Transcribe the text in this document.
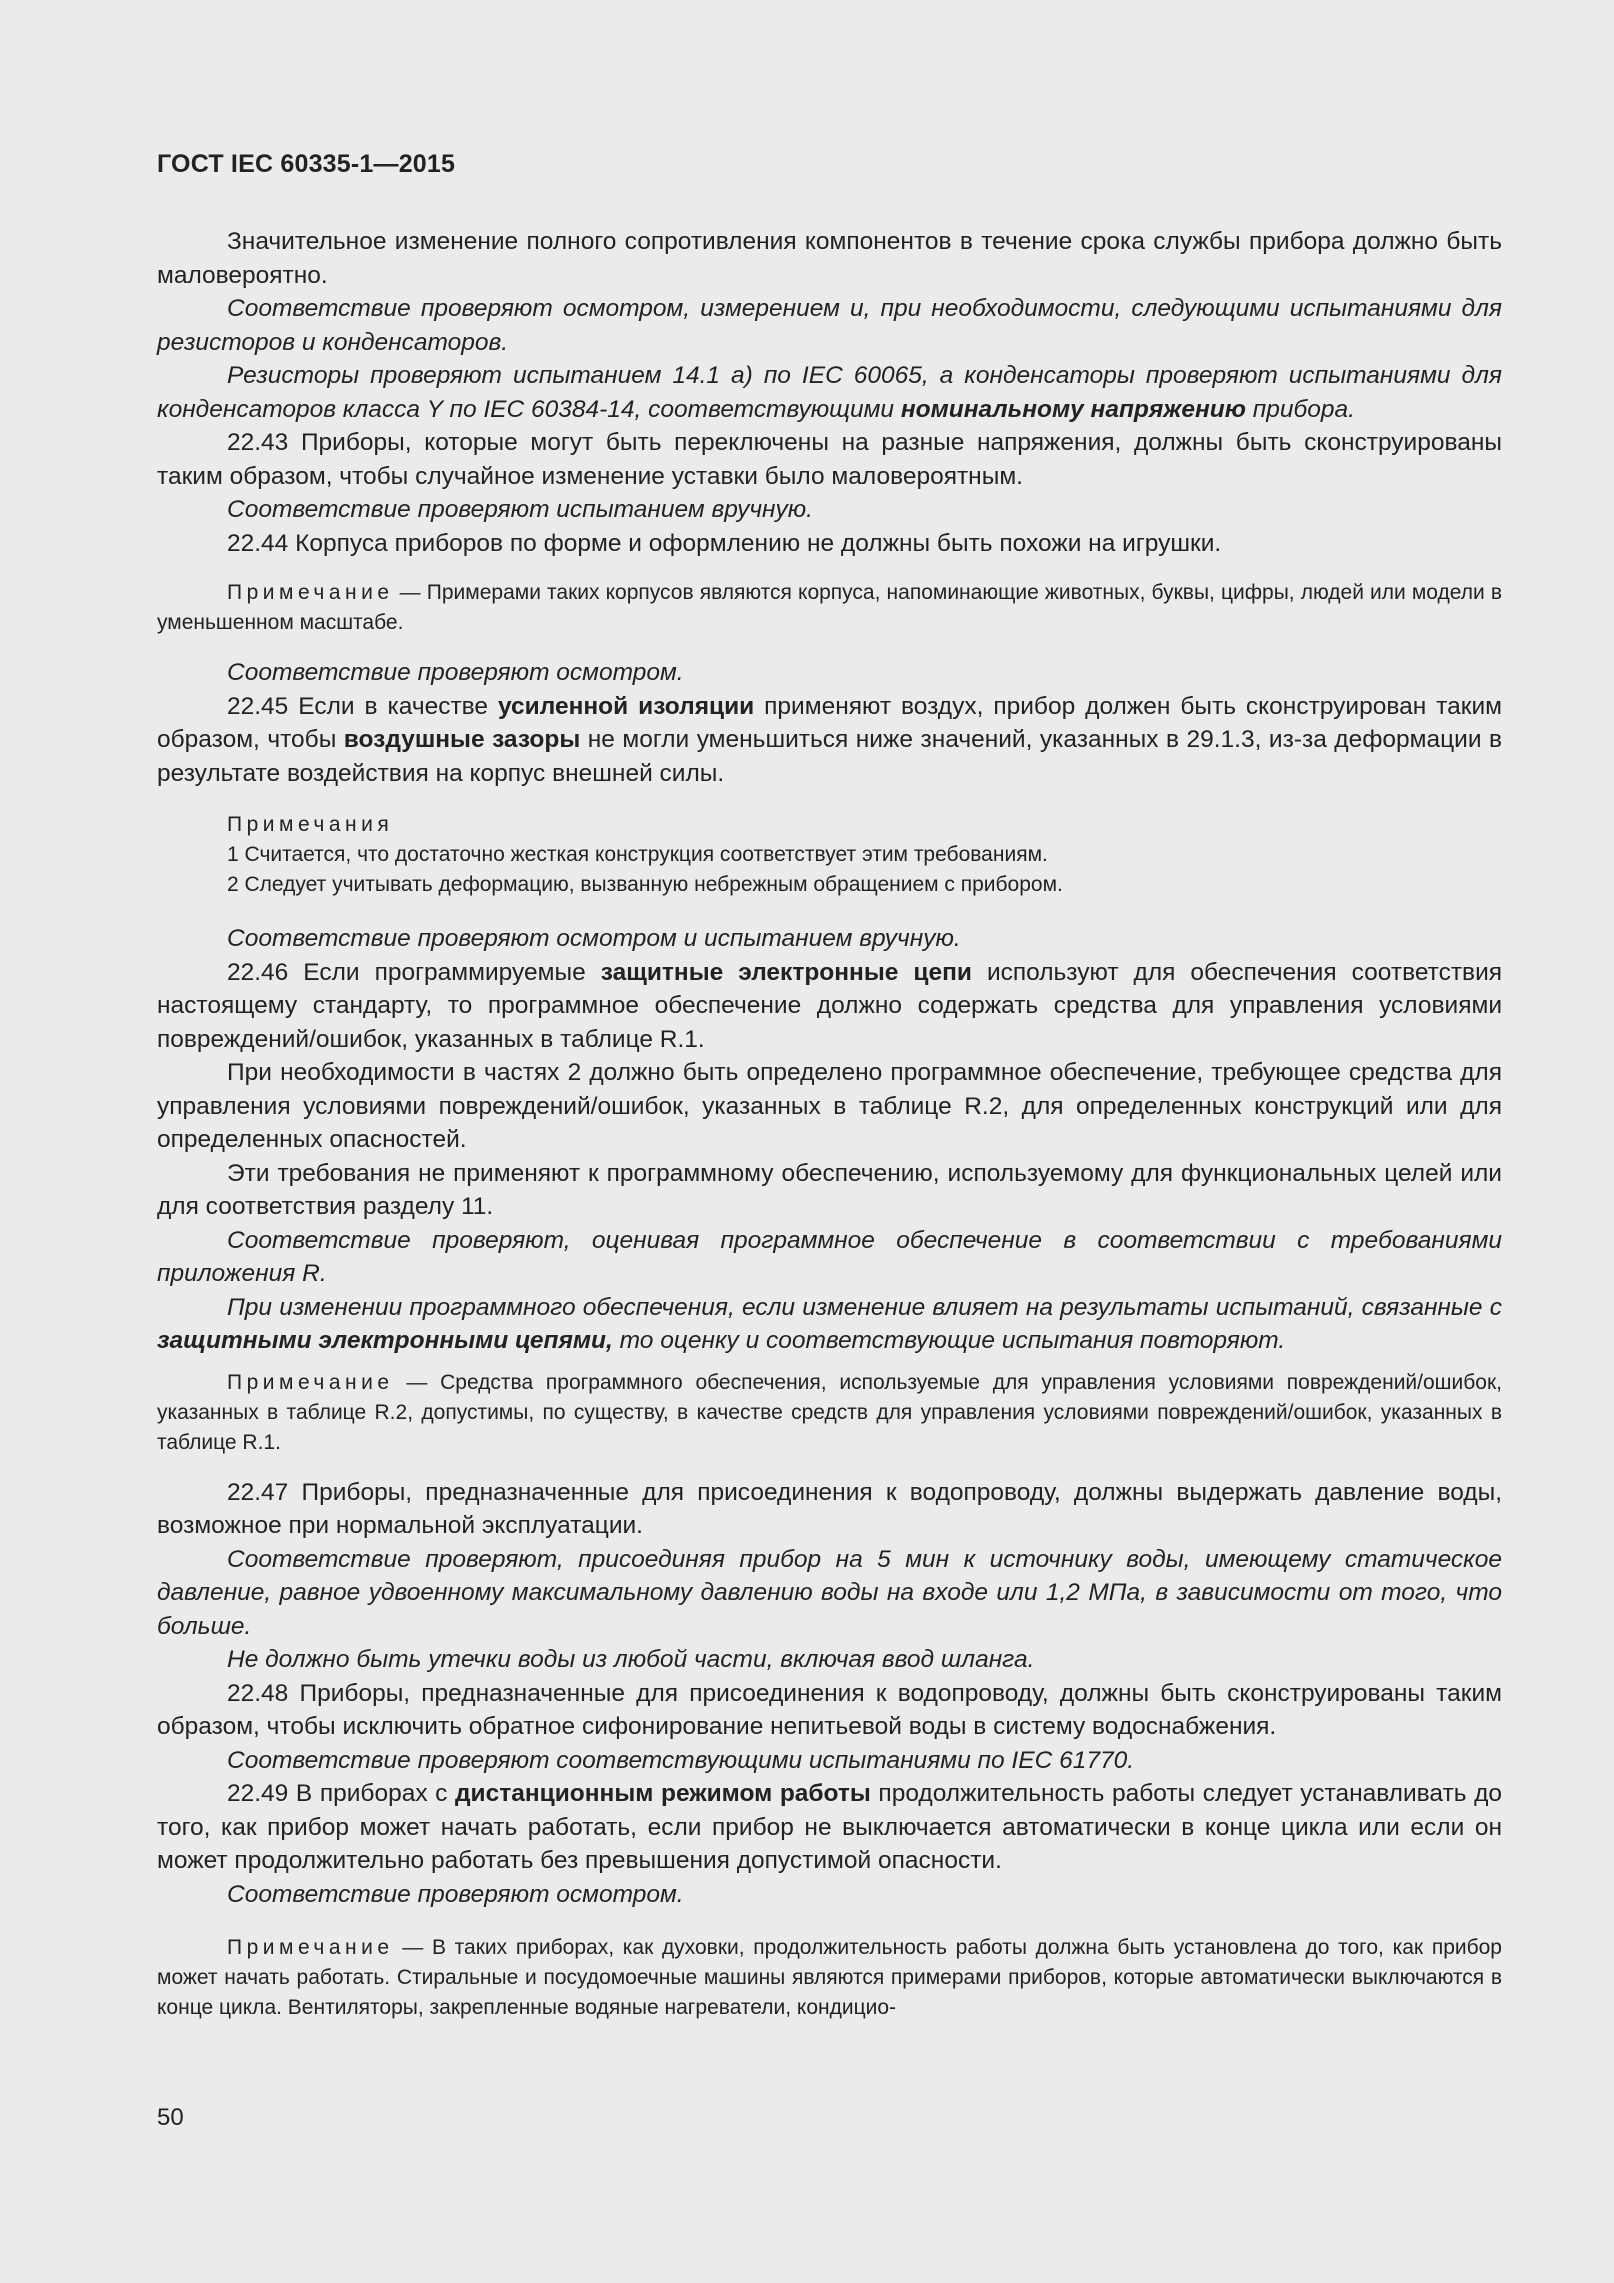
ГОСТ IEC 60335-1—2015

Значительное изменение полного сопротивления компонентов в течение срока службы прибора должно быть маловероятно.

Соответствие проверяют осмотром, измерением и, при необходимости, следующими испытаниями для резисторов и конденсаторов.

Резисторы проверяют испытанием 14.1 a) по IEC 60065, а конденсаторы проверяют испытаниями для конденсаторов класса Y по IEC 60384-14, соответствующими номинальному напряжению прибора.

22.43 Приборы, которые могут быть переключены на разные напряжения, должны быть сконструированы таким образом, чтобы случайное изменение уставки было маловероятным.

Соответствие проверяют испытанием вручную.

22.44 Корпуса приборов по форме и оформлению не должны быть похожи на игрушки.

Примечание — Примерами таких корпусов являются корпуса, напоминающие животных, буквы, цифры, людей или модели в уменьшенном масштабе.

Соответствие проверяют осмотром.

22.45 Если в качестве усиленной изоляции применяют воздух, прибор должен быть сконструирован таким образом, чтобы воздушные зазоры не могли уменьшиться ниже значений, указанных в 29.1.3, из-за деформации в результате воздействия на корпус внешней силы.

Примечания
1 Считается, что достаточно жесткая конструкция соответствует этим требованиям.
2 Следует учитывать деформацию, вызванную небрежным обращением с прибором.

Соответствие проверяют осмотром и испытанием вручную.

22.46 Если программируемые защитные электронные цепи используют для обеспечения соответствия настоящему стандарту, то программное обеспечение должно содержать средства для управления условиями повреждений/ошибок, указанных в таблице R.1.

При необходимости в частях 2 должно быть определено программное обеспечение, требующее средства для управления условиями повреждений/ошибок, указанных в таблице R.2, для определенных конструкций или для определенных опасностей.

Эти требования не применяют к программному обеспечению, используемому для функциональных целей или для соответствия разделу 11.

Соответствие проверяют, оценивая программное обеспечение в соответствии с требованиями приложения R.

При изменении программного обеспечения, если изменение влияет на результаты испытаний, связанные с защитными электронными цепями, то оценку и соответствующие испытания повторяют.

Примечание — Средства программного обеспечения, используемые для управления условиями повреждений/ошибок, указанных в таблице R.2, допустимы, по существу, в качестве средств для управления условиями повреждений/ошибок, указанных в таблице R.1.

22.47 Приборы, предназначенные для присоединения к водопроводу, должны выдержать давление воды, возможное при нормальной эксплуатации.

Соответствие проверяют, присоединяя прибор на 5 мин к источнику воды, имеющему статическое давление, равное удвоенному максимальному давлению воды на входе или 1,2 МПа, в зависимости от того, что больше.

Не должно быть утечки воды из любой части, включая ввод шланга.

22.48 Приборы, предназначенные для присоединения к водопроводу, должны быть сконструированы таким образом, чтобы исключить обратное сифонирование непитьевой воды в систему водоснабжения.

Соответствие проверяют соответствующими испытаниями по IEC 61770.

22.49 В приборах с дистанционным режимом работы продолжительность работы следует устанавливать до того, как прибор может начать работать, если прибор не выключается автоматически в конце цикла или если он может продолжительно работать без превышения допустимой опасности.

Соответствие проверяют осмотром.

Примечание — В таких приборах, как духовки, продолжительность работы должна быть установлена до того, как прибор может начать работать. Стиральные и посудомоечные машины являются примерами приборов, которые автоматически выключаются в конце цикла. Вентиляторы, закрепленные водяные нагреватели, кондицио-

50
